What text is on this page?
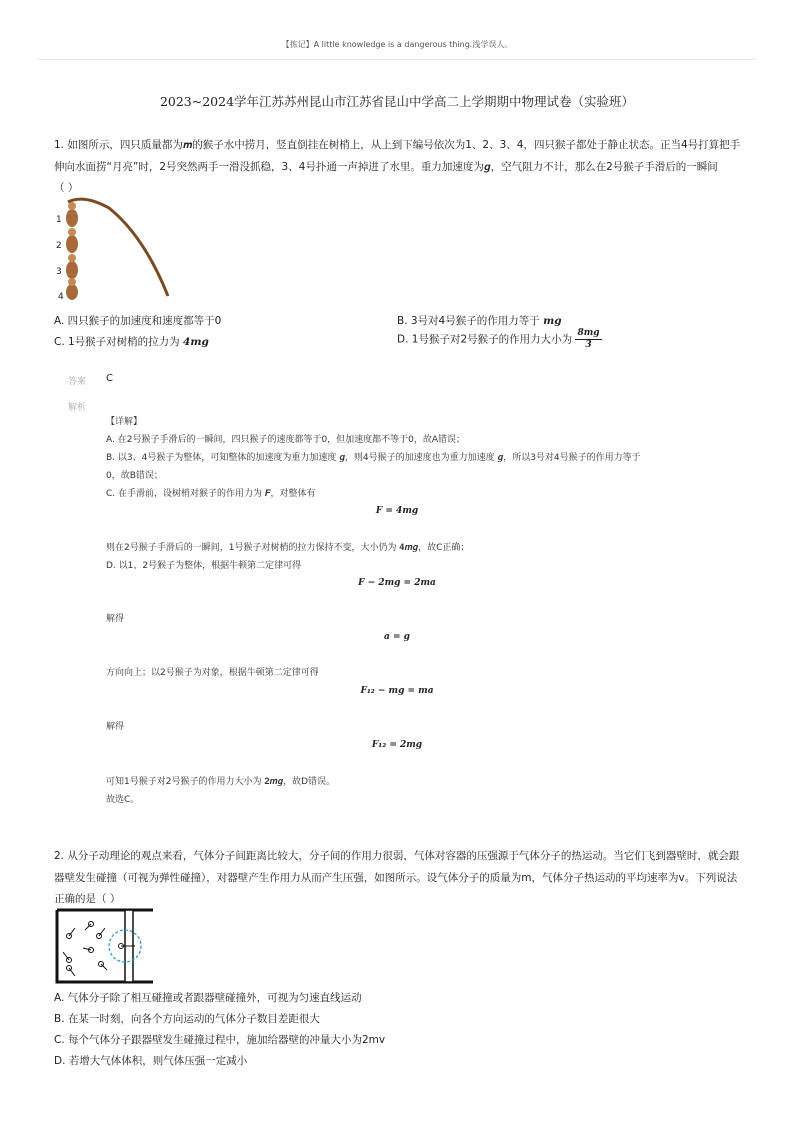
【拣记】A little knowledge is a dangerous thing.浅学误人。
2023~2024学年江苏苏州昆山市江苏省昆山中学高二上学期期中物理试卷（实验班）
1. 如图所示，四只质量都为𝒎的猴子水中捞月，竖直倒挂在树梢上，从上到下编号依次为1、2、3、4，四只猴子都处于静止状态。正当4号打算把手
伸向水面捞“月亮”时，2号突然两手一滑没抓稳，3、4号扑通一声掉进了水里。重力加速度为𝒈，空气阻力不计，那么在2号猴子手滑后的一瞬间
（ ）
1
2
3
4
A. 四只猴子的加速度和速度都等于0	B. 3号对4号猴子的作用力等于 mg
C. 1号猴子对树梢的拉力为 4mg	D. 1号猴子对2号猴子的作用力大小为 $\frac{8mg}{3}$
答案 C
解析
【详解】
A. 在2号猴子手滑后的一瞬间，四只猴子的速度都等于0，但加速度都不等于0，故A错误；
B. 以3、4号猴子为整体，可知整体的加速度为重力加速度 𝒈，则4号猴子的加速度也为重力加速度 𝒈，所以3号对4号猴子的作用力等于
0，故B错误；
C. 在手滑前，设树梢对猴子的作用力为 𝑭，对整体有
F = 4mg
则在2号猴子手滑后的一瞬间，1号猴子对树梢的拉力保持不变，大小仍为 𝟒𝒎𝒈，故C正确；
D. 以1、2号猴子为整体，根据牛顿第二定律可得
F − 2mg = 2ma
解得
a = g
方向向上；以2号猴子为对象，根据牛顿第二定律可得
F₁₂ − mg = ma
解得
F₁₂ = 2mg
可知1号猴子对2号猴子的作用力大小为 𝟐𝒎𝒈，故D错误。
故选C。
2. 从分子动理论的观点来看，气体分子间距离比较大，分子间的作用力很弱，气体对容器的压强源于气体分子的热运动。当它们飞到器壁时，就会跟
器壁发生碰撞（可视为弹性碰撞），对器壁产生作用力从而产生压强，如图所示。设气体分子的质量为m，气体分子热运动的平均速率为v。下列说法
正确的是（ ）
A. 气体分子除了相互碰撞或者跟器壁碰撞外，可视为匀速直线运动
B. 在某一时刻，向各个方向运动的气体分子数目差距很大
C. 每个气体分子跟器壁发生碰撞过程中，施加给器壁的冲量大小为2mv
D. 若增大气体体积，则气体压强一定减小
